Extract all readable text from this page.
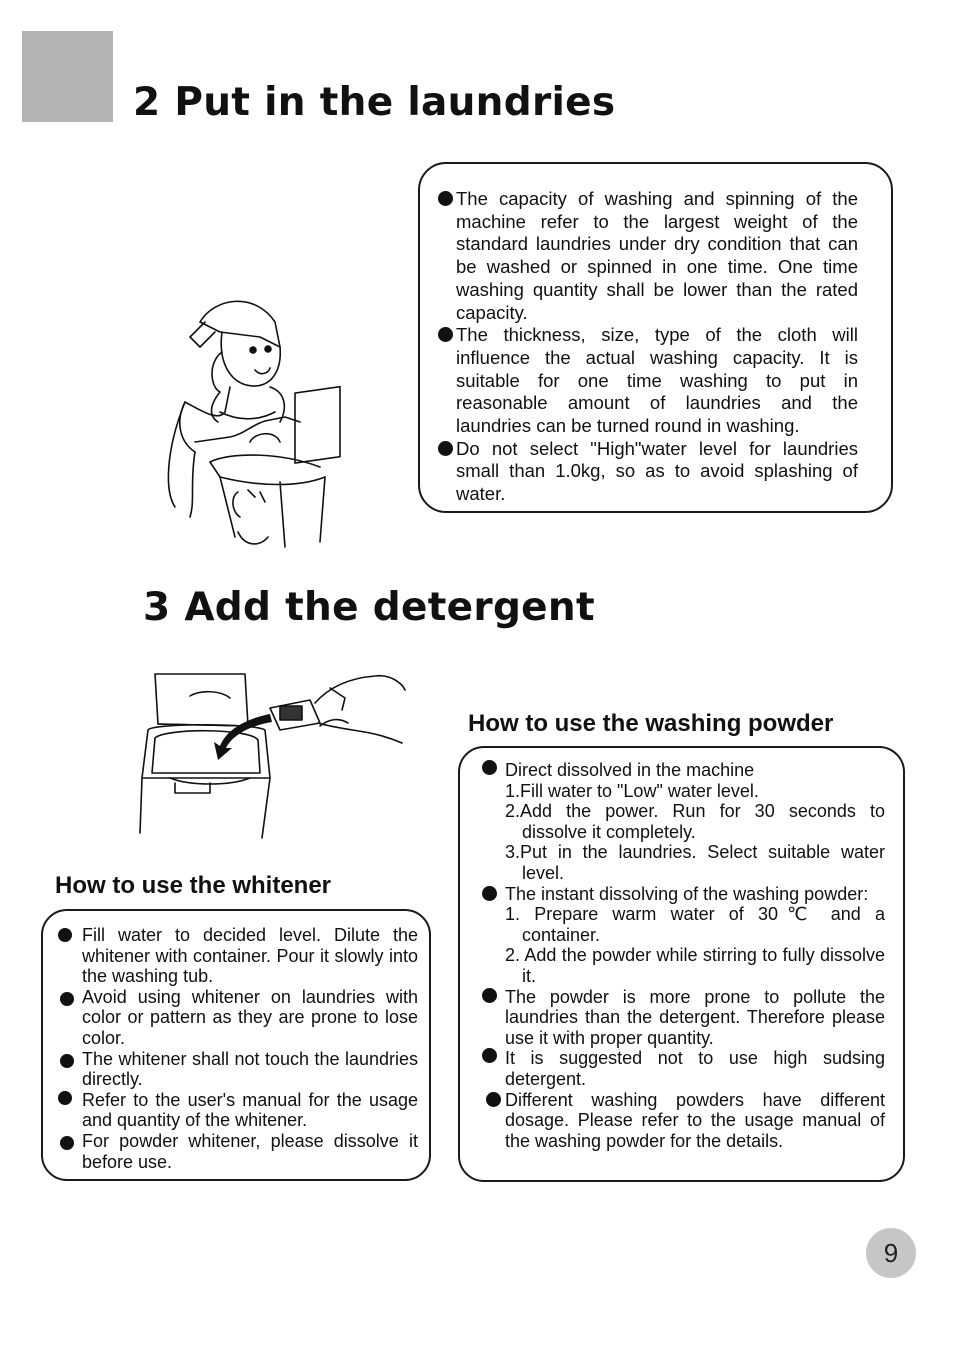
2 Put in the laundries
The capacity of washing and spinning of the machine refer to the largest weight of the standard laundries under dry condition that can be washed or spinned in one time. One time washing quantity shall be lower than the rated capacity.
The thickness, size, type of the cloth will influence the actual washing capacity. It is suitable for one time washing to put in reasonable amount of laundries and the laundries can be turned round in washing.
Do not select "High"water level for laundries small than 1.0kg, so as to avoid splashing of water.
3 Add the detergent
How to use the washing powder
How to use the whitener
Fill water to decided level. Dilute the whitener with container. Pour it slowly into the washing tub.
Avoid using whitener on laundries with color or pattern as they are prone to lose color.
The whitener shall not touch the laundries directly.
Refer to the user's manual for the usage and quantity of the whitener.
For powder whitener, please dissolve it before use.
Direct dissolved in the machine
1.Fill water to "Low" water level.
2.Add the power. Run for 30 seconds to dissolve it completely.
3.Put in the laundries. Select suitable water level.
The instant dissolving of the washing powder:
1. Prepare warm water of 30℃ and a container.
2. Add the powder while stirring to fully dissolve it.
The powder is more prone to pollute the laundries than the detergent. Therefore please use it with proper quantity.
It is suggested not to use high sudsing detergent.
Different washing powders have different dosage. Please refer to the usage manual of the washing powder for the details.
9
